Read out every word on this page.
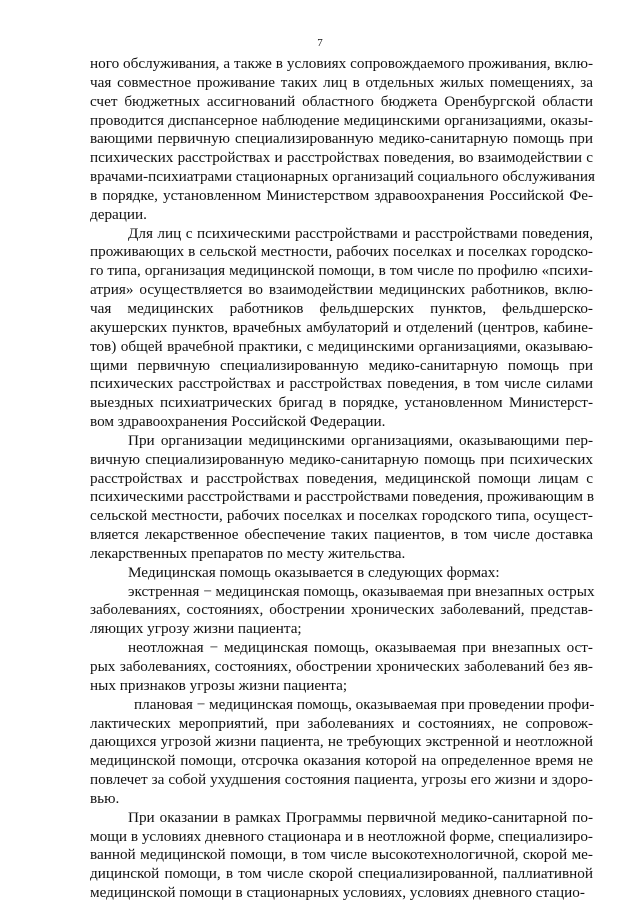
7

ного обслуживания, а также в условиях сопровождаемого проживания, вклю-
чая совместное проживание таких лиц в отдельных жилых помещениях, за
счет бюджетных ассигнований областного бюджета Оренбургской области
проводится диспансерное наблюдение медицинскими организациями, оказы-
вающими первичную специализированную медико-санитарную помощь при
психических расстройствах и расстройствах поведения, во взаимодействии с
врачами-психиатрами стационарных организаций социального обслуживания
в порядке, установленном Министерством здравоохранения Российской Фе-
дерации.

Для лиц с психическими расстройствами и расстройствами поведения,
проживающих в сельской местности, рабочих поселках и поселках городско-
го типа, организация медицинской помощи, в том числе по профилю «психи-
атрия» осуществляется во взаимодействии медицинских работников, вклю-
чая медицинских работников фельдшерских пунктов, фельдшерско-
акушерских пунктов, врачебных амбулаторий и отделений (центров, кабине-
тов) общей врачебной практики, с медицинскими организациями, оказываю-
щими первичную специализированную медико-санитарную помощь при
психических расстройствах и расстройствах поведения, в том числе силами
выездных психиатрических бригад в порядке, установленном Министерст-
вом здравоохранения Российской Федерации.

При организации медицинскими организациями, оказывающими пер-
вичную специализированную медико-санитарную помощь при психических
расстройствах и расстройствах поведения, медицинской помощи лицам с
психическими расстройствами и расстройствами поведения, проживающим в
сельской местности, рабочих поселках и поселках городского типа, осущест-
вляется лекарственное обеспечение таких пациентов, в том числе доставка
лекарственных препаратов по месту жительства.

Медицинская помощь оказывается в следующих формах:

экстренная − медицинская помощь, оказываемая при внезапных острых
заболеваниях, состояниях, обострении хронических заболеваний, представ-
ляющих угрозу жизни пациента;

неотложная − медицинская помощь, оказываемая при внезапных ост-
рых заболеваниях, состояниях, обострении хронических заболеваний без яв-
ных признаков угрозы жизни пациента;

плановая − медицинская помощь, оказываемая при проведении профи-
лактических мероприятий, при заболеваниях и состояниях, не сопровож-
дающихся угрозой жизни пациента, не требующих экстренной и неотложной
медицинской помощи, отсрочка оказания которой на определенное время не
повлечет за собой ухудшения состояния пациента, угрозы его жизни и здоро-
вью.

При оказании в рамках Программы первичной медико-санитарной по-
мощи в условиях дневного стационара и в неотложной форме, специализиро-
ванной медицинской помощи, в том числе высокотехнологичной, скорой ме-
дицинской помощи, в том числе скорой специализированной, паллиативной
медицинской помощи в стационарных условиях, условиях дневного стацио-
